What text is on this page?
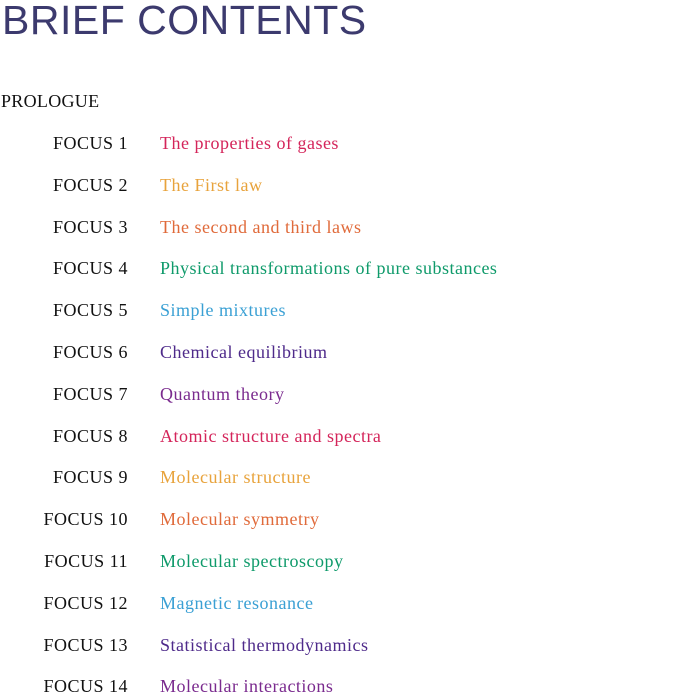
BRIEF CONTENTS
PROLOGUE
FOCUS 1 The properties of gases
FOCUS 2 The First law
FOCUS 3 The second and third laws
FOCUS 4 Physical transformations of pure substances
FOCUS 5 Simple mixtures
FOCUS 6 Chemical equilibrium
FOCUS 7 Quantum theory
FOCUS 8 Atomic structure and spectra
FOCUS 9 Molecular structure
FOCUS 10 Molecular symmetry
FOCUS 11 Molecular spectroscopy
FOCUS 12 Magnetic resonance
FOCUS 13 Statistical thermodynamics
FOCUS 14 Molecular interactions
